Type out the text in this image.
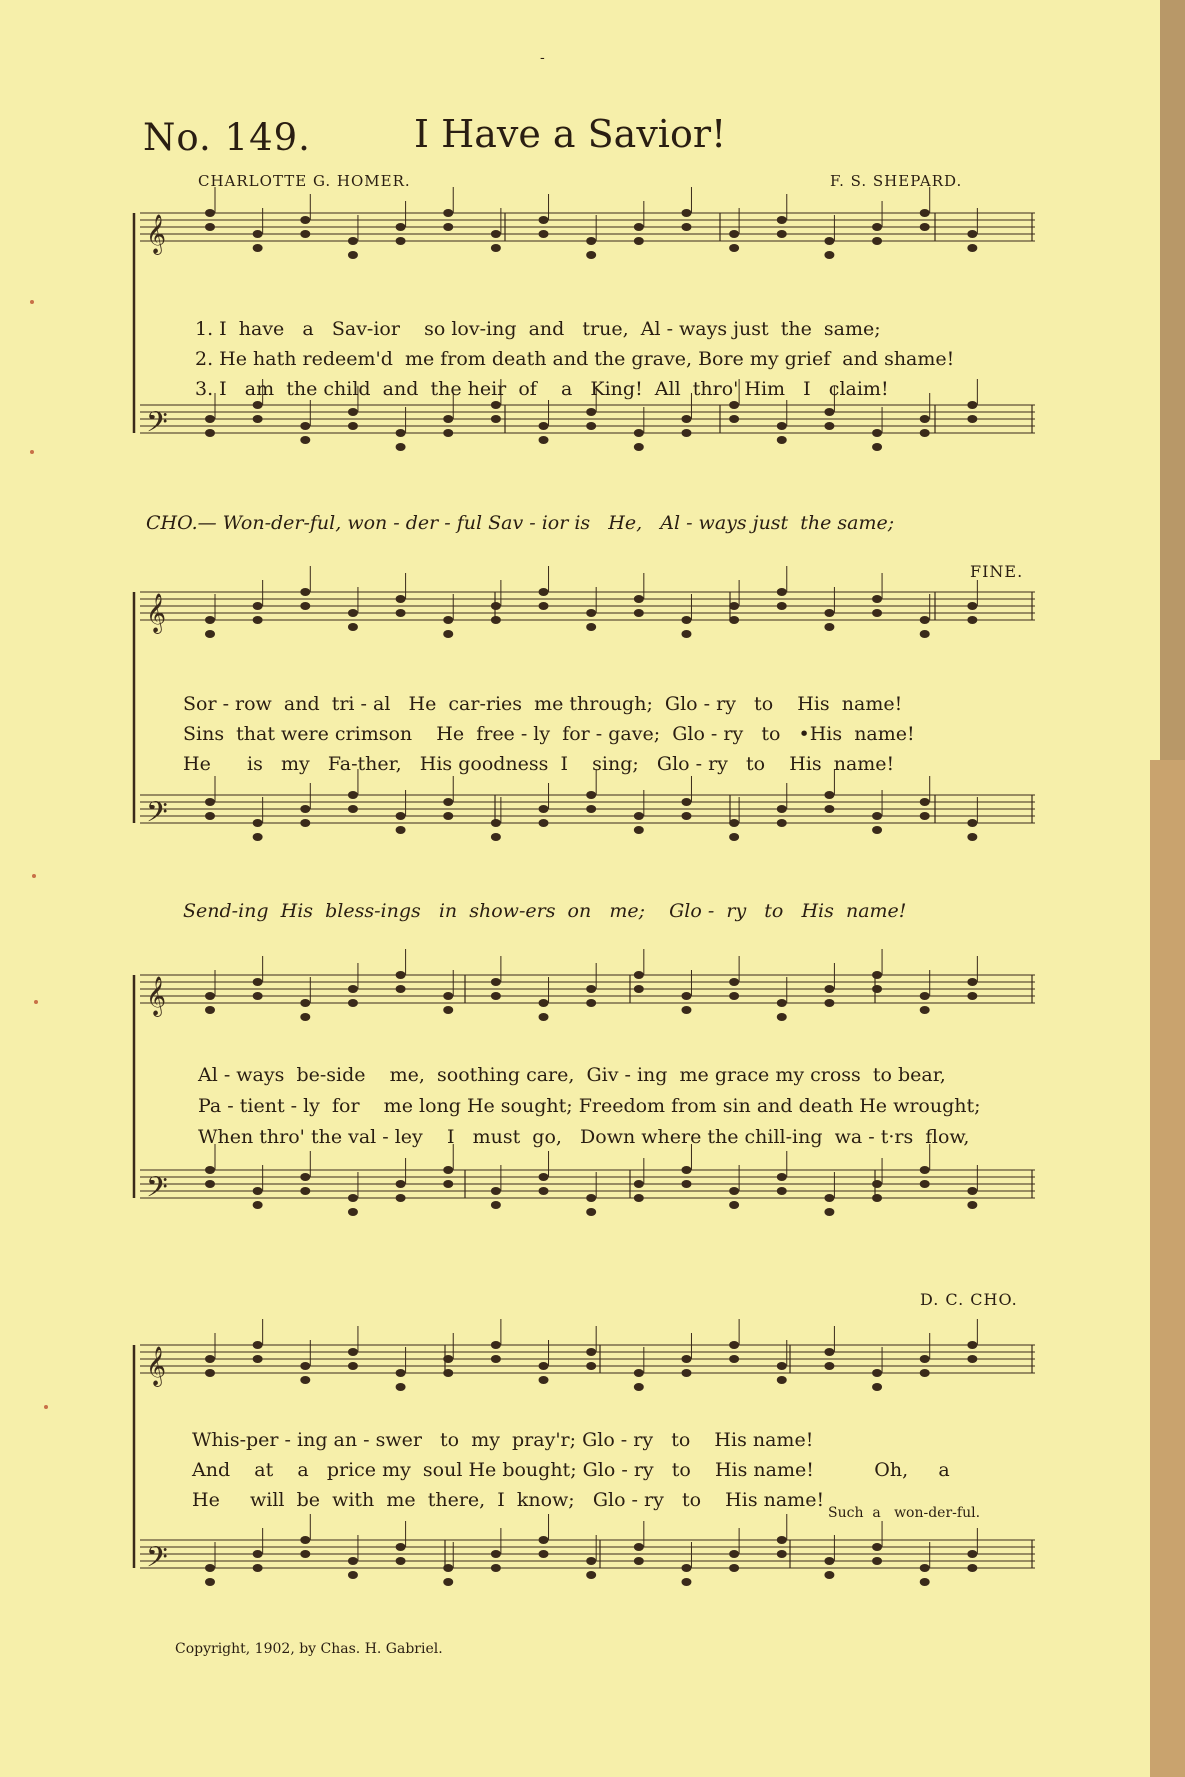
-
No. 149.	I Have a Savior!
CHARLOTTE G. HOMER.	F. S. SHEPARD.
𝄞
𝄢
𝄞
𝄢
𝄞
𝄢
𝄞
𝄢
1. I  have   a   Sav-ior    so lov-ing  and   true,  Al - ways just  the  same;
2. He hath redeem'd  me from death and the grave, Bore my grief  and shame!
3. I   am  the child  and  the heir  of    a   King!  All  thro' Him   I   claim!
CHO.— Won-der-ful, won - der - ful Sav - ior is   He,   Al - ways just  the same;
FINE.
Sor - row  and  tri - al   He  car-ries  me through;  Glo - ry   to    His  name!
Sins  that were crimson    He  free - ly  for - gave;  Glo - ry   to   •His  name!
He      is   my   Fa-ther,   His goodness  I    sing;   Glo - ry   to    His  name!
Send-ing  His  bless-ings   in  show-ers  on   me;    Glo -  ry   to   His  name!
Al - ways  be-side    me,  soothing care,  Giv - ing  me grace my cross  to bear,
Pa - tient - ly  for    me long He sought; Freedom from sin and death He wrought;
When thro' the val - ley    I   must  go,   Down where the chill-ing  wa - t·rs  flow,
D. C. CHO.
Whis-per - ing an - swer   to  my  pray'r; Glo - ry   to    His name!
And    at    a   price my  soul He bought; Glo - ry   to    His name!          Oh,     a
He     will  be  with  me  there,  I  know;   Glo - ry   to    His name!
Such  a   won-der-ful.
Copyright, 1902, by Chas. H. Gabriel.
